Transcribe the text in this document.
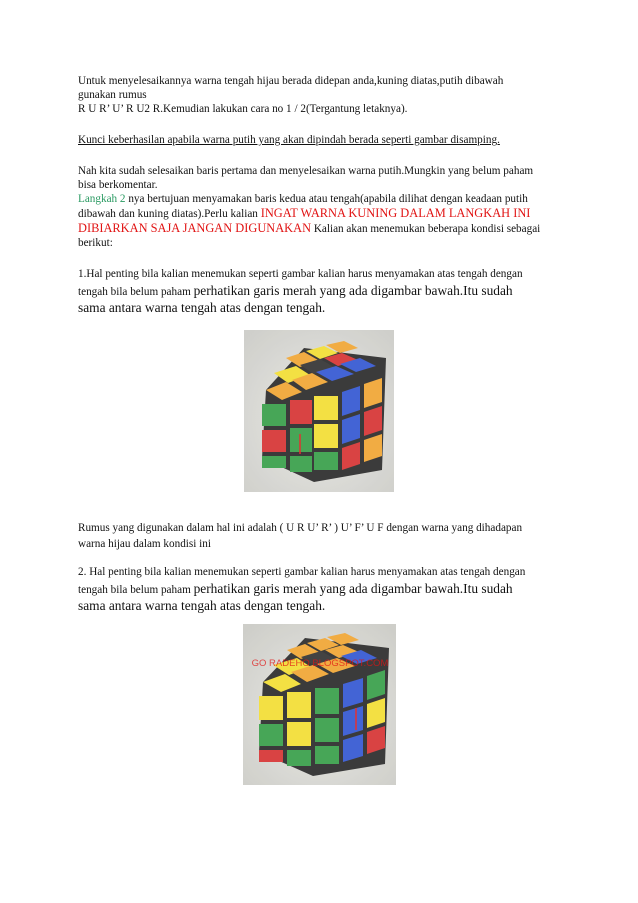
Untuk menyelesaikannya warna tengah hijau berada didepan anda,kuning diatas,putih dibawah
gunakan rumus
R U R’ U’ R U2 R.Kemudian lakukan cara no 1 / 2(Tergantung letaknya).
Kunci keberhasilan apabila warna putih yang akan dipindah berada seperti gambar disamping.
Nah kita sudah selesaikan baris pertama dan menyelesaikan warna putih.Mungkin yang belum paham
bisa berkomentar.
Langkah 2 nya bertujuan menyamakan baris kedua atau tengah(apabila dilihat dengan keadaan putih
dibawah dan kuning diatas).Perlu kalian INGAT WARNA KUNING DALAM LANGKAH INI
DIBIARKAN SAJA JANGAN DIGUNAKAN Kalian akan menemukan beberapa kondisi sebagai
berikut:
1.Hal penting bila kalian menemukan seperti gambar kalian harus menyamakan atas tengah dengan
tengah bila belum paham perhatikan garis merah yang ada digambar bawah.Itu sudah
sama antara warna tengah atas dengan tengah.
Rumus yang digunakan dalam hal ini adalah ( U R U’ R’ ) U’ F’ U F dengan warna yang dihadapan
warna hijau dalam kondisi ini
2. Hal penting bila kalian menemukan seperti gambar kalian harus menyamakan atas tengah dengan
tengah bila belum paham perhatikan garis merah yang ada digambar bawah.Itu sudah
sama antara warna tengah atas dengan tengah.
GO RADEHO BLOGSPOT.COM
